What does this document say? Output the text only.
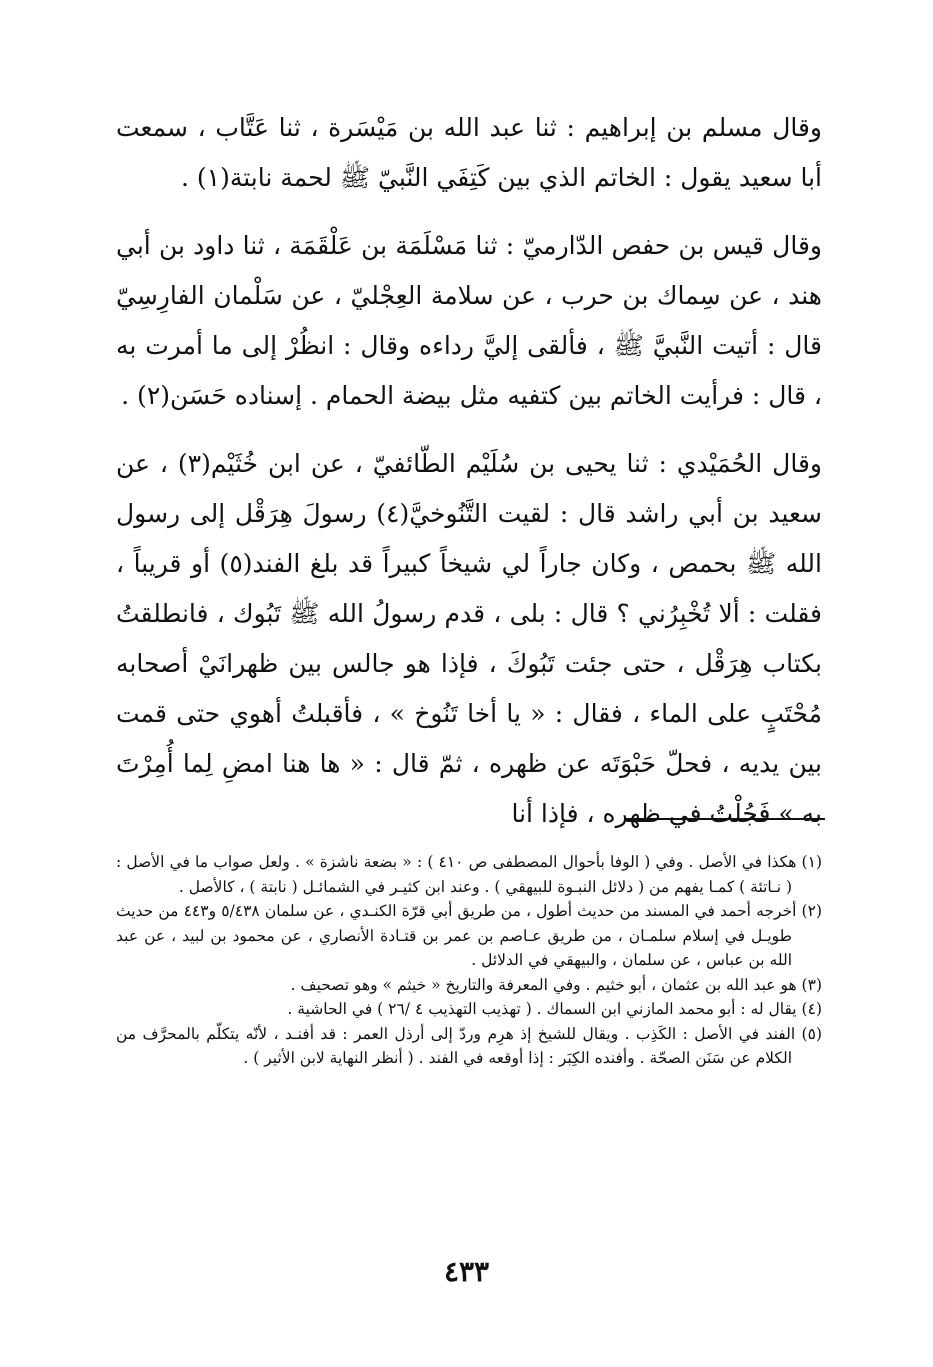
وقال مسلم بن إبراهيم : ثنا عبد الله بن مَيْسَرة ، ثنا عَتَّاب ، سمعت أبا سعيد يقول : الخاتم الذي بين كَتِفَي النَّبيّ ﷺ لحمة نابتة(١) .

وقال قيس بن حفص الدّارميّ : ثنا مَسْلَمَة بن عَلْقَمَة ، ثنا داود بن أبي هند ، عن سِماك بن حرب ، عن سلامة العِجْليّ ، عن سَلْمان الفارِسِيّ قال : أتيت النَّبيَّ ﷺ ، فألقى إليَّ رداءه وقال : انظُرْ إلى ما أمرت به ، قال : فرأيت الخاتم بين كتفيه مثل بيضة الحمام . إسناده حَسَن(٢) .

وقال الحُمَيْدي : ثنا يحيى بن سُلَيْم الطّائفيّ ، عن ابن خُثَيْم(٣) ، عن سعيد بن أبي راشد قال : لقيت التَّنُوخيَّ(٤) رسولَ هِرَقْل إلى رسول الله ﷺ بحمص ، وكان جاراً لي شيخاً كبيراً قد بلغ الفند(٥) أو قريباً ، فقلت : ألا تُخْبِرُني ؟ قال : بلى ، قدم رسولُ الله ﷺ تَبُوك ، فانطلقتُ بكتاب هِرَقْل ، حتى جئت تَبُوكَ ، فإذا هو جالس بين ظهرانَيْ أصحابه مُحْتَبٍ على الماء ، فقال : « يا أخا تَنُوخ » ، فأقبلتُ أهوي حتى قمت بين يديه ، فحلّ حَبْوَتَه عن ظهره ، ثمّ قال : « ها هنا امضِ لِما أُمِرْتَ به » فَجُلْتُ في ظهره ، فإذا أنا

(١) هكذا في الأصل . وفي ( الوفا بأحوال المصطفى ص ٤١٠ ) : « بضعة ناشزة » . ولعل صواب ما في الأصل : ( نـاتئة ) كمـا يفهم من ( دلائل النبـوة للبيهقي ) . وعند ابن كثيـر في الشمائـل ( نابتة ) ، كالأصل .

(٢) أخرجه أحمد في المسند من حديث أطول ، من طريق أبي قرّة الكنـدي ، عن سلمان ٥/٤٣٨ و٤٤٣ من حديث طويـل في إسلام سلمـان ، من طريق عـاصم بن عمر بن قتـادة الأنصاري ، عن محمود بن لبيد ، عن عبد الله بن عباس ، عن سلمان ، والبيهقي في الدلائل .

(٣) هو عبد الله بن عثمان ، أبو خثيم . وفي المعرفة والتاريخ « خيثم » وهو تصحيف .

(٤) يقال له : أبو محمد المازني ابن السماك . ( تهذيب التهذيب ٤ /٢٦ ) في الحاشية .

(٥) الفند في الأصل : الكَذِب . ويقال للشيخ إذ هرِم وردّ إلى أرذل العمر : قد أفنـد ، لأنّه يتكلّم بالمحرَّف من الكلام عن سَنَن الصحّة . وأفنده الكِبَر : إذا أوقعه في الفند . ( أنظر النهاية لابن الأثير ) .

٤٣٣
